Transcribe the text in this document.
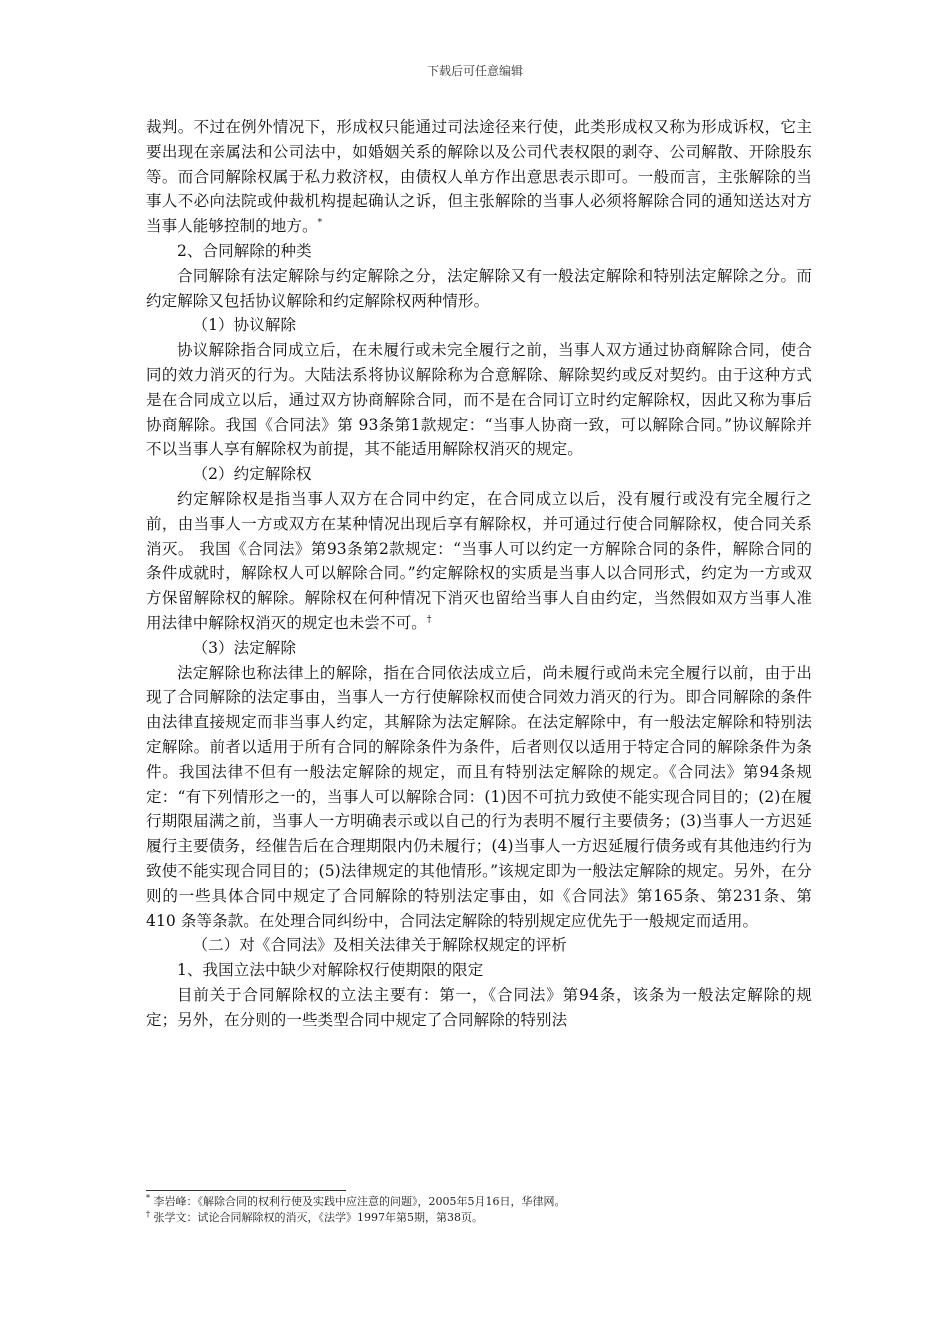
下载后可任意编辑

裁判。不过在例外情况下，形成权只能通过司法途径来行使，此类形成权又称为形成诉权，它主要出现在亲属法和公司法中，如婚姻关系的解除以及公司代表权限的剥夺、公司解散、开除股东等。而合同解除权属于私力救济权，由债权人单方作出意思表示即可。一般而言，主张解除的当事人不必向法院或仲裁机构提起确认之诉，但主张解除的当事人必须将解除合同的通知送达对方当事人能够控制的地方。*

2、合同解除的种类

合同解除有法定解除与约定解除之分，法定解除又有一般法定解除和特别法定解除之分。而约定解除又包括协议解除和约定解除权两种情形。

（1）协议解除

协议解除指合同成立后，在未履行或未完全履行之前，当事人双方通过协商解除合同，使合同的效力消灭的行为。大陆法系将协议解除称为合意解除、解除契约或反对契约。由于这种方式是在合同成立以后，通过双方协商解除合同，而不是在合同订立时约定解除权，因此又称为事后协商解除。我国《合同法》第 93条第1款规定：“当事人协商一致，可以解除合同。”协议解除并不以当事人享有解除权为前提，其不能适用解除权消灭的规定。

（2）约定解除权

约定解除权是指当事人双方在合同中约定，在合同成立以后，没有履行或没有完全履行之前，由当事人一方或双方在某种情况出现后享有解除权，并可通过行使合同解除权，使合同关系消灭。 我国《合同法》第93条第2款规定：“当事人可以约定一方解除合同的条件，解除合同的条件成就时，解除权人可以解除合同。”约定解除权的实质是当事人以合同形式，约定为一方或双方保留解除权的解除。解除权在何种情况下消灭也留给当事人自由约定，当然假如双方当事人准用法律中解除权消灭的规定也未尝不可。†

（3）法定解除

法定解除也称法律上的解除，指在合同依法成立后，尚未履行或尚未完全履行以前，由于出现了合同解除的法定事由，当事人一方行使解除权而使合同效力消灭的行为。即合同解除的条件由法律直接规定而非当事人约定，其解除为法定解除。在法定解除中，有一般法定解除和特别法定解除。前者以适用于所有合同的解除条件为条件，后者则仅以适用于特定合同的解除条件为条件。我国法律不但有一般法定解除的规定，而且有特别法定解除的规定。《合同法》第94条规定：“有下列情形之一的，当事人可以解除合同：(1)因不可抗力致使不能实现合同目的；(2)在履行期限届满之前，当事人一方明确表示或以自己的行为表明不履行主要债务；(3)当事人一方迟延履行主要债务，经催告后在合理期限内仍未履行；(4)当事人一方迟延履行债务或有其他违约行为致使不能实现合同目的；(5)法律规定的其他情形。”该规定即为一般法定解除的规定。另外，在分则的一些具体合同中规定了合同解除的特别法定事由，如《合同法》第165条、第231条、第410 条等条款。在处理合同纠纷中，合同法定解除的特别规定应优先于一般规定而适用。

（二）对《合同法》及相关法律关于解除权规定的评析

1、我国立法中缺少对解除权行使期限的限定

目前关于合同解除权的立法主要有：第一，《合同法》第94条，该条为一般法定解除的规定；另外，在分则的一些类型合同中规定了合同解除的特别法

* 李岩峰：《解除合同的权利行使及实践中应注意的问题》，2005年5月16日，华律网。

† 张学文：试论合同解除权的消灭，《法学》1997年第5期，第38页。
